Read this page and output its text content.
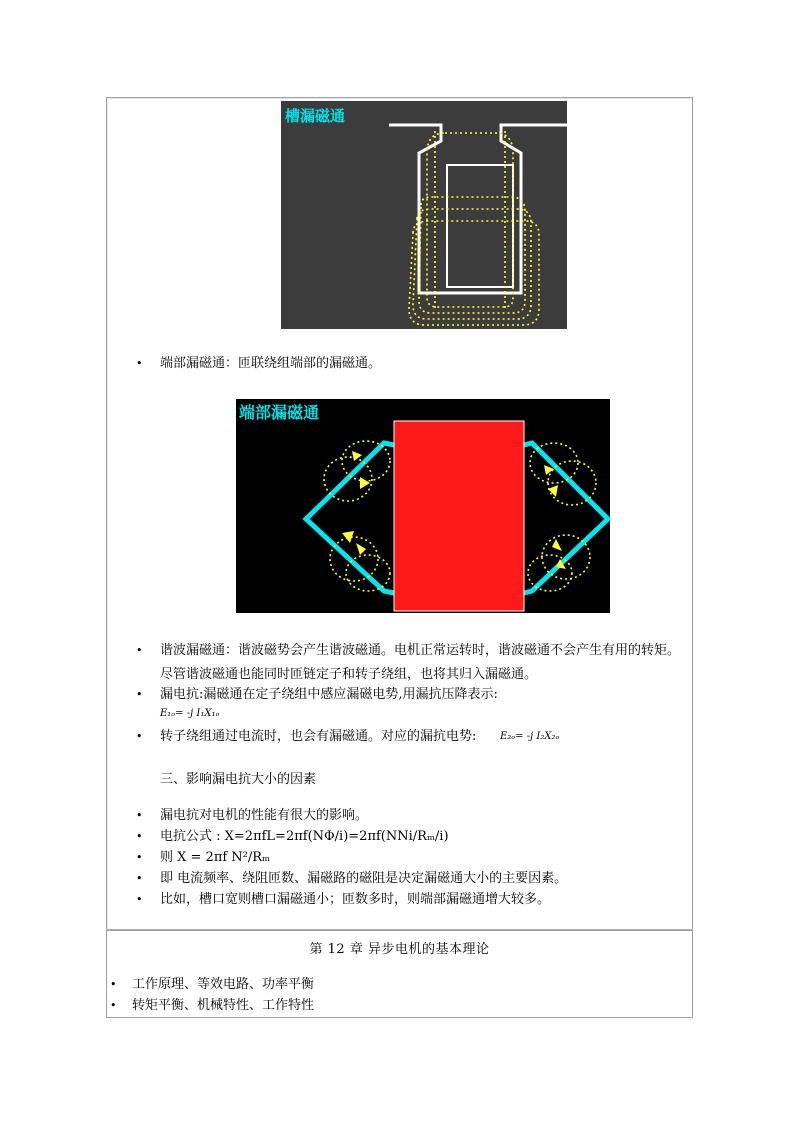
槽漏磁通
• 端部漏磁通：匝联绕组端部的漏磁通。
端部漏磁通
• 谐波漏磁通：谐波磁势会产生谐波磁通。电机正常运转时，谐波磁通不会产生有用的转矩。
尽管谐波磁通也能同时匝链定子和转子绕组，也将其归入漏磁通。
• 漏电抗:漏磁通在定子绕组中感应漏磁电势,用漏抗压降表示:
E₁ₒ= -j I₁X₁ₒ
• 转子绕组通过电流时，也会有漏磁通。对应的漏抗电势: E₂ₒ= -j I₂X₂ₒ
三、影响漏电抗大小的因素
• 漏电抗对电机的性能有很大的影响。
• 电抗公式 : X=2πfL=2πf(NΦ/i)=2πf(NNi/Rₘ/i)
• 则 X = 2πf N²/Rₘ
• 即 电流频率、绕阻匝数、漏磁路的磁阻是决定漏磁通大小的主要因素。
• 比如，槽口宽则槽口漏磁通小；匝数多时，则端部漏磁通增大较多。
第 12 章 异步电机的基本理论
• 工作原理、等效电路、功率平衡
• 转矩平衡、机械特性、工作特性
